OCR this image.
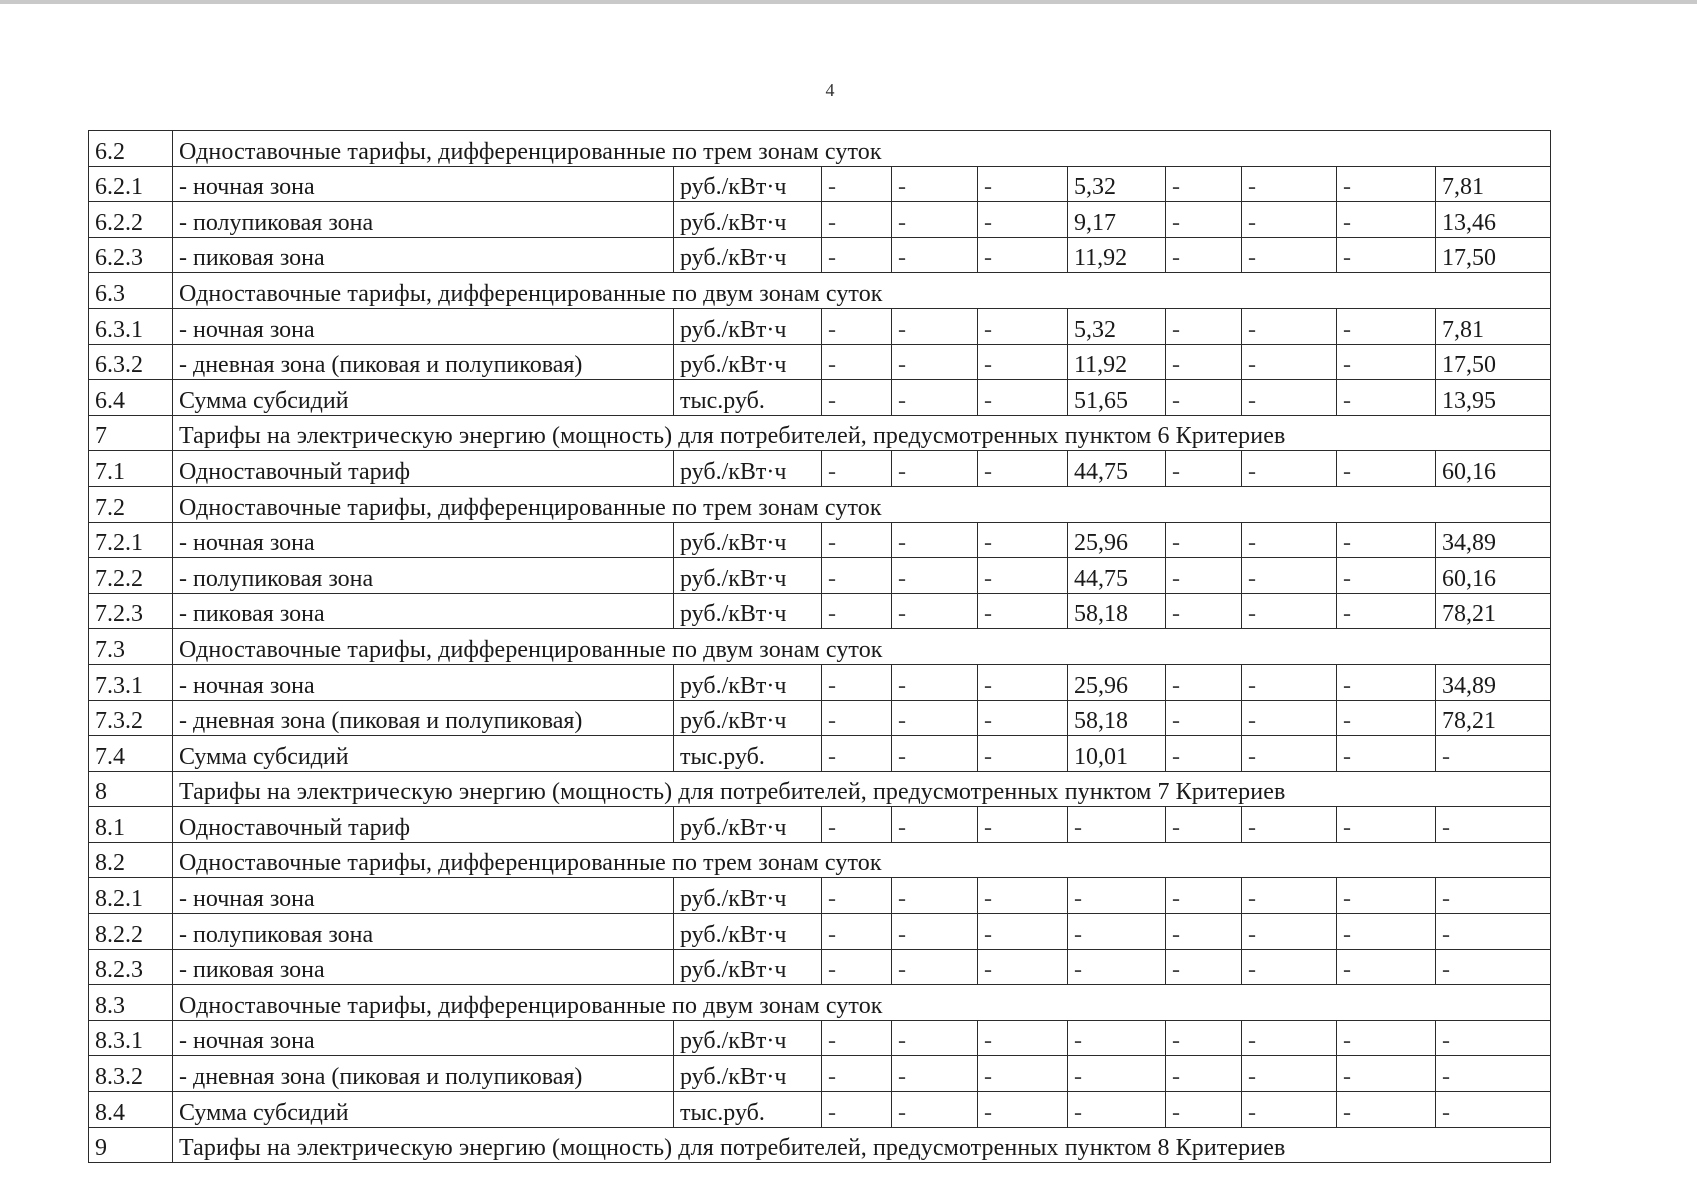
4
6.2	Одноставочные тарифы, дифференцированные по трем зонам суток									
6.2.1	- ночная зона	руб./кВт·ч	-	-	-	5,32	-	-	-	7,81
6.2.2	- полупиковая зона	руб./кВт·ч	-	-	-	9,17	-	-	-	13,46
6.2.3	- пиковая зона	руб./кВт·ч	-	-	-	11,92	-	-	-	17,50
6.3	Одноставочные тарифы, дифференцированные по двум зонам суток									
6.3.1	- ночная зона	руб./кВт·ч	-	-	-	5,32	-	-	-	7,81
6.3.2	- дневная зона (пиковая и полупиковая)	руб./кВт·ч	-	-	-	11,92	-	-	-	17,50
6.4	Сумма субсидий	тыс.руб.	-	-	-	51,65	-	-	-	13,95
7	Тарифы на электрическую энергию (мощность) для потребителей, предусмотренных пунктом 6 Критериев									
7.1	Одноставочный тариф	руб./кВт·ч	-	-	-	44,75	-	-	-	60,16
7.2	Одноставочные тарифы, дифференцированные по трем зонам суток									
7.2.1	- ночная зона	руб./кВт·ч	-	-	-	25,96	-	-	-	34,89
7.2.2	- полупиковая зона	руб./кВт·ч	-	-	-	44,75	-	-	-	60,16
7.2.3	- пиковая зона	руб./кВт·ч	-	-	-	58,18	-	-	-	78,21
7.3	Одноставочные тарифы, дифференцированные по двум зонам суток									
7.3.1	- ночная зона	руб./кВт·ч	-	-	-	25,96	-	-	-	34,89
7.3.2	- дневная зона (пиковая и полупиковая)	руб./кВт·ч	-	-	-	58,18	-	-	-	78,21
7.4	Сумма субсидий	тыс.руб.	-	-	-	10,01	-	-	-	-
8	Тарифы на электрическую энергию (мощность) для потребителей, предусмотренных пунктом 7 Критериев									
8.1	Одноставочный тариф	руб./кВт·ч	-	-	-	-	-	-	-	-
8.2	Одноставочные тарифы, дифференцированные по трем зонам суток									
8.2.1	- ночная зона	руб./кВт·ч	-	-	-	-	-	-	-	-
8.2.2	- полупиковая зона	руб./кВт·ч	-	-	-	-	-	-	-	-
8.2.3	- пиковая зона	руб./кВт·ч	-	-	-	-	-	-	-	-
8.3	Одноставочные тарифы, дифференцированные по двум зонам суток									
8.3.1	- ночная зона	руб./кВт·ч	-	-	-	-	-	-	-	-
8.3.2	- дневная зона (пиковая и полупиковая)	руб./кВт·ч	-	-	-	-	-	-	-	-
8.4	Сумма субсидий	тыс.руб.	-	-	-	-	-	-	-	-
9	Тарифы на электрическую энергию (мощность) для потребителей, предусмотренных пунктом 8 Критериев									
